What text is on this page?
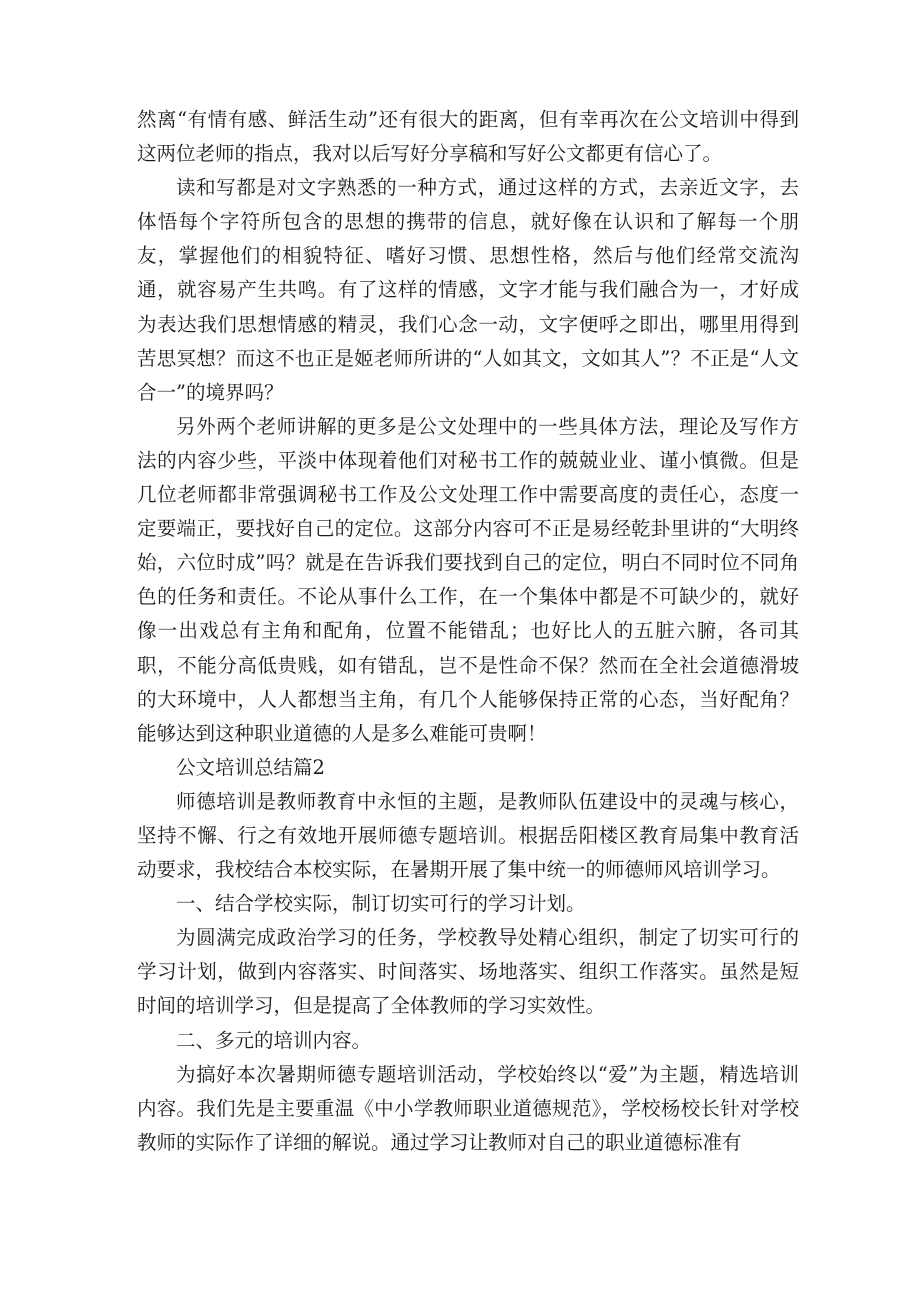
然离“有情有感、鲜活生动”还有很大的距离，但有幸再次在公文培训中得到这两位老师的指点，我对以后写好分享稿和写好公文都更有信心了。

读和写都是对文字熟悉的一种方式，通过这样的方式，去亲近文字，去体悟每个字符所包含的思想的携带的信息，就好像在认识和了解每一个朋友，掌握他们的相貌特征、嗜好习惯、思想性格，然后与他们经常交流沟通，就容易产生共鸣。有了这样的情感，文字才能与我们融合为一，才好成为表达我们思想情感的精灵，我们心念一动，文字便呼之即出，哪里用得到苦思冥想？而这不也正是姬老师所讲的“人如其文，文如其人”？不正是“人文合一”的境界吗？

另外两个老师讲解的更多是公文处理中的一些具体方法，理论及写作方法的内容少些，平淡中体现着他们对秘书工作的兢兢业业、谨小慎微。但是几位老师都非常强调秘书工作及公文处理工作中需要高度的责任心，态度一定要端正，要找好自己的定位。这部分内容可不正是易经乾卦里讲的“大明终始，六位时成”吗？就是在告诉我们要找到自己的定位，明白不同时位不同角色的任务和责任。不论从事什么工作，在一个集体中都是不可缺少的，就好像一出戏总有主角和配角，位置不能错乱；也好比人的五脏六腑，各司其职，不能分高低贵贱，如有错乱，岂不是性命不保？然而在全社会道德滑坡的大环境中，人人都想当主角，有几个人能够保持正常的心态，当好配角？能够达到这种职业道德的人是多么难能可贵啊！

公文培训总结篇2

师德培训是教师教育中永恒的主题，是教师队伍建设中的灵魂与核心，坚持不懈、行之有效地开展师德专题培训。根据岳阳楼区教育局集中教育活动要求，我校结合本校实际，在暑期开展了集中统一的师德师风培训学习。

一、结合学校实际，制订切实可行的学习计划。

为圆满完成政治学习的任务，学校教导处精心组织，制定了切实可行的学习计划，做到内容落实、时间落实、场地落实、组织工作落实。虽然是短时间的培训学习，但是提高了全体教师的学习实效性。

二、多元的培训内容。

为搞好本次暑期师德专题培训活动，学校始终以“爱”为主题，精选培训内容。我们先是主要重温《中小学教师职业道德规范》，学校杨校长针对学校教师的实际作了详细的解说。通过学习让教师对自己的职业道德标准有
